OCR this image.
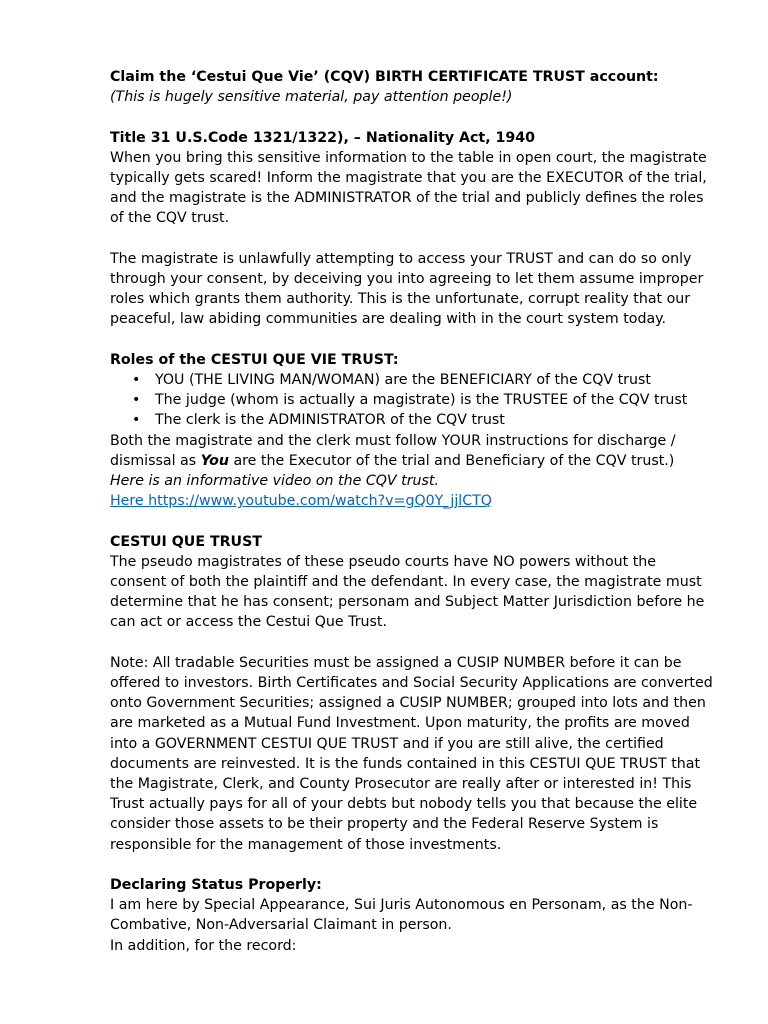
Claim the ‘Cestui Que Vie’ (CQV) BIRTH CERTIFICATE TRUST account:

(This is hugely sensitive material, pay attention people!)

Title 31 U.S.Code 1321/1322), – Nationality Act, 1940

When you bring this sensitive information to the table in open court, the magistrate typically gets scared! Inform the magistrate that you are the EXECUTOR of the trial, and the magistrate is the ADMINISTRATOR of the trial and publicly defines the roles of the CQV trust.

The magistrate is unlawfully attempting to access your TRUST and can do so only through your consent, by deceiving you into agreeing to let them assume improper roles which grants them authority. This is the unfortunate, corrupt reality that our peaceful, law abiding communities are dealing with in the court system today.

Roles of the CESTUI QUE VIE TRUST:

• YOU (THE LIVING MAN/WOMAN) are the BENEFICIARY of the CQV trust
• The judge (whom is actually a magistrate) is the TRUSTEE of the CQV trust
• The clerk is the ADMINISTRATOR of the CQV trust

Both the magistrate and the clerk must follow YOUR instructions for discharge / dismissal as You are the Executor of the trial and Beneficiary of the CQV trust.)

Here is an informative video on the CQV trust.

Here https://www.youtube.com/watch?v=gQ0Y_jjlCTQ

CESTUI QUE TRUST

The pseudo magistrates of these pseudo courts have NO powers without the consent of both the plaintiff and the defendant. In every case, the magistrate must determine that he has consent; personam and Subject Matter Jurisdiction before he can act or access the Cestui Que Trust.

Note: All tradable Securities must be assigned a CUSIP NUMBER before it can be offered to investors. Birth Certificates and Social Security Applications are converted onto Government Securities; assigned a CUSIP NUMBER; grouped into lots and then are marketed as a Mutual Fund Investment. Upon maturity, the profits are moved into a GOVERNMENT CESTUI QUE TRUST and if you are still alive, the certified documents are reinvested. It is the funds contained in this CESTUI QUE TRUST that the Magistrate, Clerk, and County Prosecutor are really after or interested in! This Trust actually pays for all of your debts but nobody tells you that because the elite consider those assets to be their property and the Federal Reserve System is responsible for the management of those investments.

Declaring Status Properly:

I am here by Special Appearance, Sui Juris Autonomous en Personam, as the Non-Combative, Non-Adversarial Claimant in person.

In addition, for the record:
